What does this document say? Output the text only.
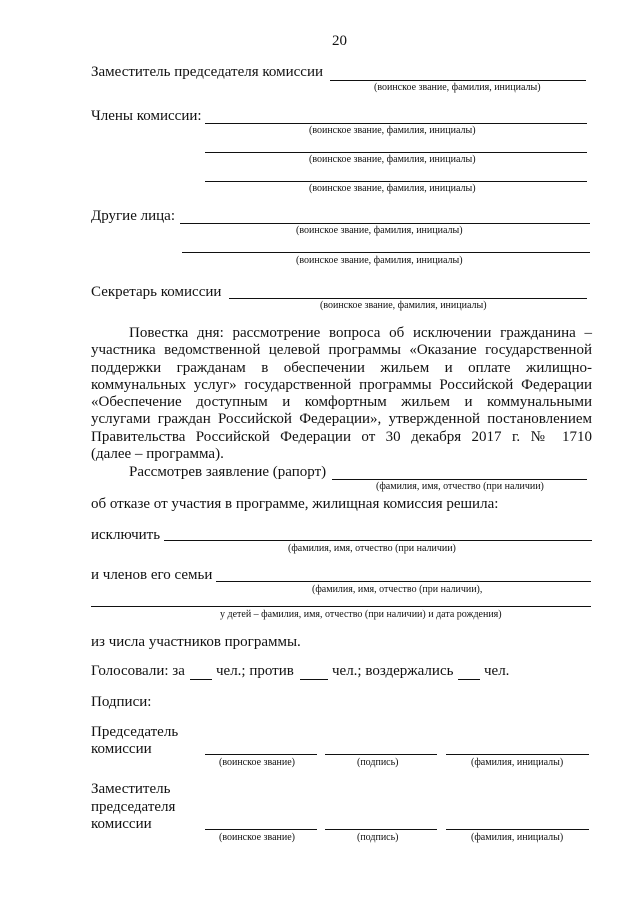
20
Заместитель председателя комиссии
(воинское звание, фамилия, инициалы)
Члены комиссии:
(воинское звание, фамилия, инициалы)
(воинское звание, фамилия, инициалы)
(воинское звание, фамилия, инициалы)
Другие лица:
(воинское звание, фамилия, инициалы)
(воинское звание, фамилия, инициалы)
Секретарь комиссии
(воинское звание, фамилия, инициалы)
Повестка дня: рассмотрение вопроса об исключении гражданина –
участника ведомственной целевой программы «Оказание государственной
поддержки гражданам в обеспечении жильем и оплате жилищно-
коммунальных услуг» государственной программы Российской Федерации
«Обеспечение доступным и комфортным жильем и коммунальными
услугами граждан Российской Федерации», утвержденной постановлением
Правительства Российской Федерации от 30 декабря 2017 г. № 1710
(далее – программа).
Рассмотрев заявление (рапорт)
(фамилия, имя, отчество (при наличии)
об отказе от участия в программе, жилищная комиссия решила:
исключить
(фамилия, имя, отчество (при наличии)
и членов его семьи
(фамилия, имя, отчество (при наличии),
у детей – фамилия, имя, отчество (при наличии) и дата рождения)
из числа участников программы.
Голосовали: за чел.; против	чел.; воздержались чел.
Подписи:
Председатель
комиссии
(воинское звание)	(подпись)	(фамилия, инициалы)
Заместитель
председателя
комиссии
(воинское звание)	(подпись)	(фамилия, инициалы)
